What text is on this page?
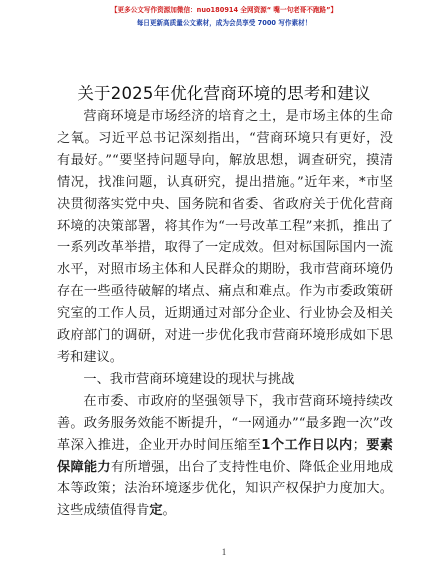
【更多公文写作资源加微信：nuo180914 全网资源“ 嘴一句老哥不跑路”】
每日更新高质量公文素材，成为会员享受 7000 写作素材！
关于2025年优化营商环境的思考和建议

营商环境是市场经济的培育之土，是市场主体的生命之氧。习近平总书记深刻指出，“营商环境只有更好，没有最好。”“要坚持问题导向，解放思想，调查研究，摸清情况，找准问题，认真研究，提出措施。”近年来，*市坚决贯彻落实党中央、国务院和省委、省政府关于优化营商环境的决策部署，将其作为“一号改革工程”来抓，推出了一系列改革举措，取得了一定成效。但对标国际国内一流水平，对照市场主体和人民群众的期盼，我市营商环境仍存在一些亟待破解的堵点、痛点和难点。作为市委政策研究室的工作人员，近期通过对部分企业、行业协会及相关政府部门的调研，对进一步优化我市营商环境形成如下思考和建议。

一、我市营商环境建设的现状与挑战

在市委、市政府的坚强领导下，我市营商环境持续改善。政务服务效能不断提升，“一网通办”“最多跑一次”改革深入推进，企业开办时间压缩至1个工作日以内；要素保障能力有所增强，出台了支持性电价、降低企业用地成本等政策；法治环境逐步优化，知识产权保护力度加大。这些成绩值得肯定。

1
